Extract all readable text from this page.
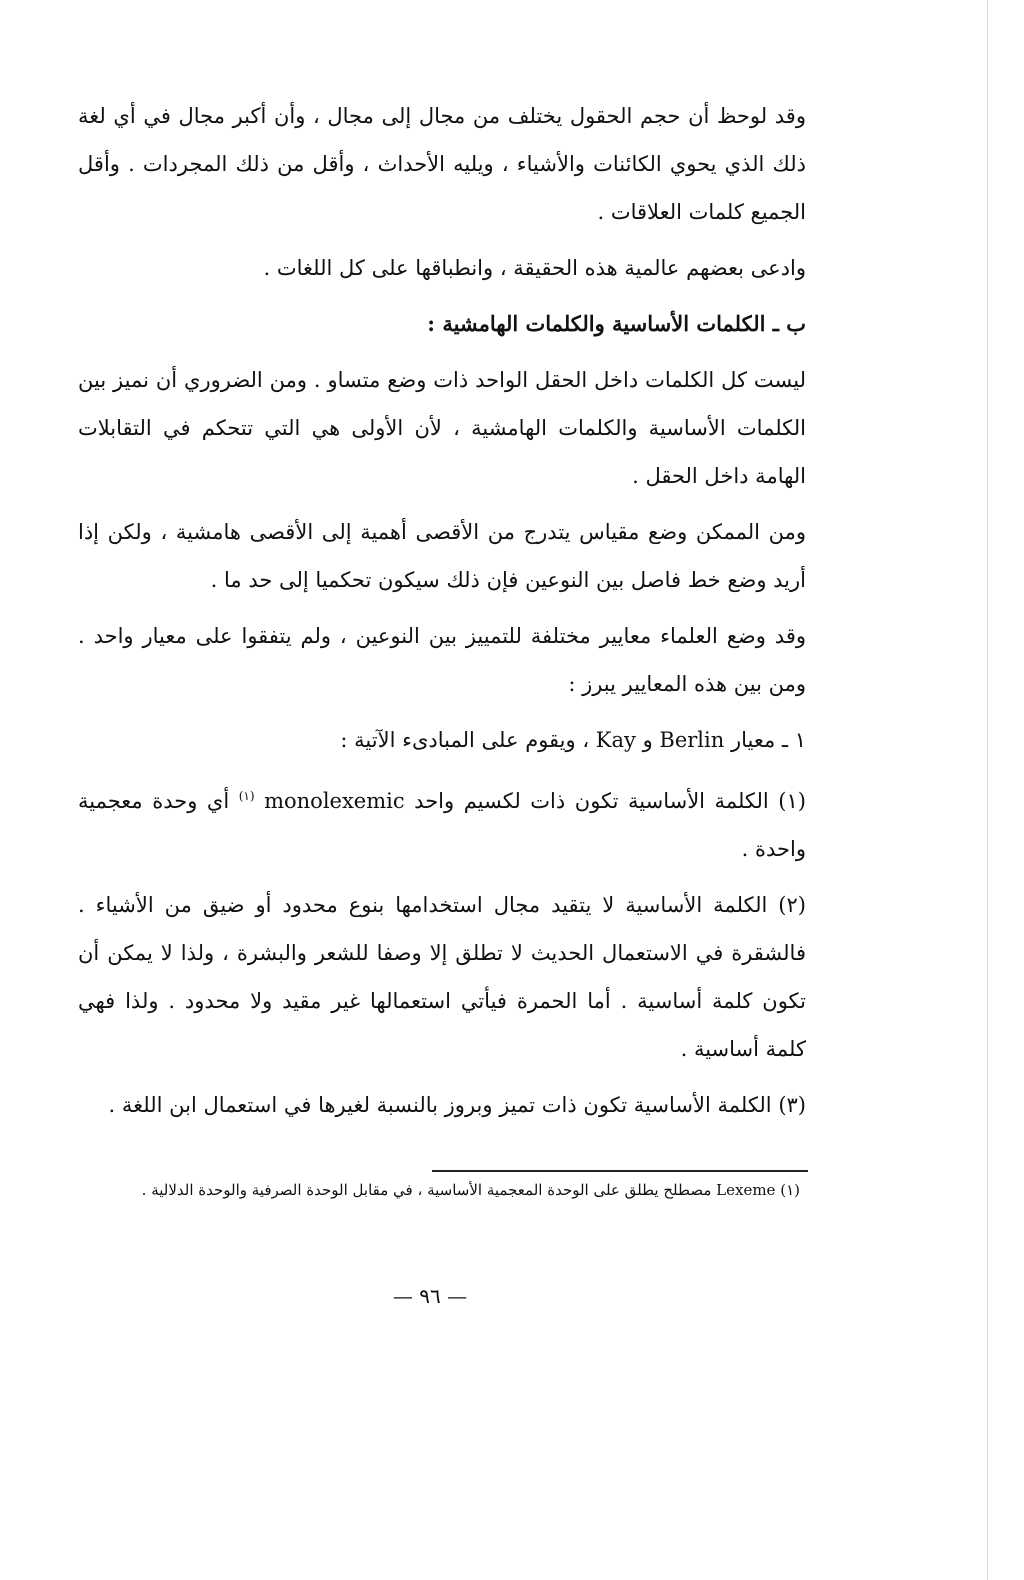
وقد لوحظ أن حجم الحقول يختلف من مجال إلى مجال ، وأن أكبر مجال في أي لغة ذلك الذي يحوي الكائنات والأشياء ، ويليه الأحداث ، وأقل من ذلك المجردات . وأقل الجميع كلمات العلاقات .

وادعى بعضهم عالمية هذه الحقيقة ، وانطباقها على كل اللغات .

ب ـ الكلمات الأساسية والكلمات الهامشية :

ليست كل الكلمات داخل الحقل الواحد ذات وضع متساو . ومن الضروري أن نميز بين الكلمات الأساسية والكلمات الهامشية ، لأن الأولى هي التي تتحكم في التقابلات الهامة داخل الحقل .

ومن الممكن وضع مقياس يتدرج من الأقصى أهمية إلى الأقصى هامشية ، ولكن إذا أريد وضع خط فاصل بين النوعين فإن ذلك سيكون تحكميا إلى حد ما .

وقد وضع العلماء معايير مختلفة للتمييز بين النوعين ، ولم يتفقوا على معيار واحد . ومن بين هذه المعايير يبرز :

١ ـ معيار Berlin و Kay ، ويقوم على المبادىء الآتية :

(١) الكلمة الأساسية تكون ذات لكسيم واحد monolexemic $^{(١)}$ أي وحدة معجمية واحدة .

(٢) الكلمة الأساسية لا يتقيد مجال استخدامها بنوع محدود أو ضيق من الأشياء . فالشقرة في الاستعمال الحديث لا تطلق إلا وصفا للشعر والبشرة ، ولذا لا يمكن أن تكون كلمة أساسية . أما الحمرة فيأتي استعمالها غير مقيد ولا محدود . ولذا فهي كلمة أساسية .

(٣) الكلمة الأساسية تكون ذات تميز وبروز بالنسبة لغيرها في استعمال ابن اللغة .

(١) Lexeme مصطلح يطلق على الوحدة المعجمية الأساسية ، في مقابل الوحدة الصرفية والوحدة الدلالية .
— ٩٦ —
